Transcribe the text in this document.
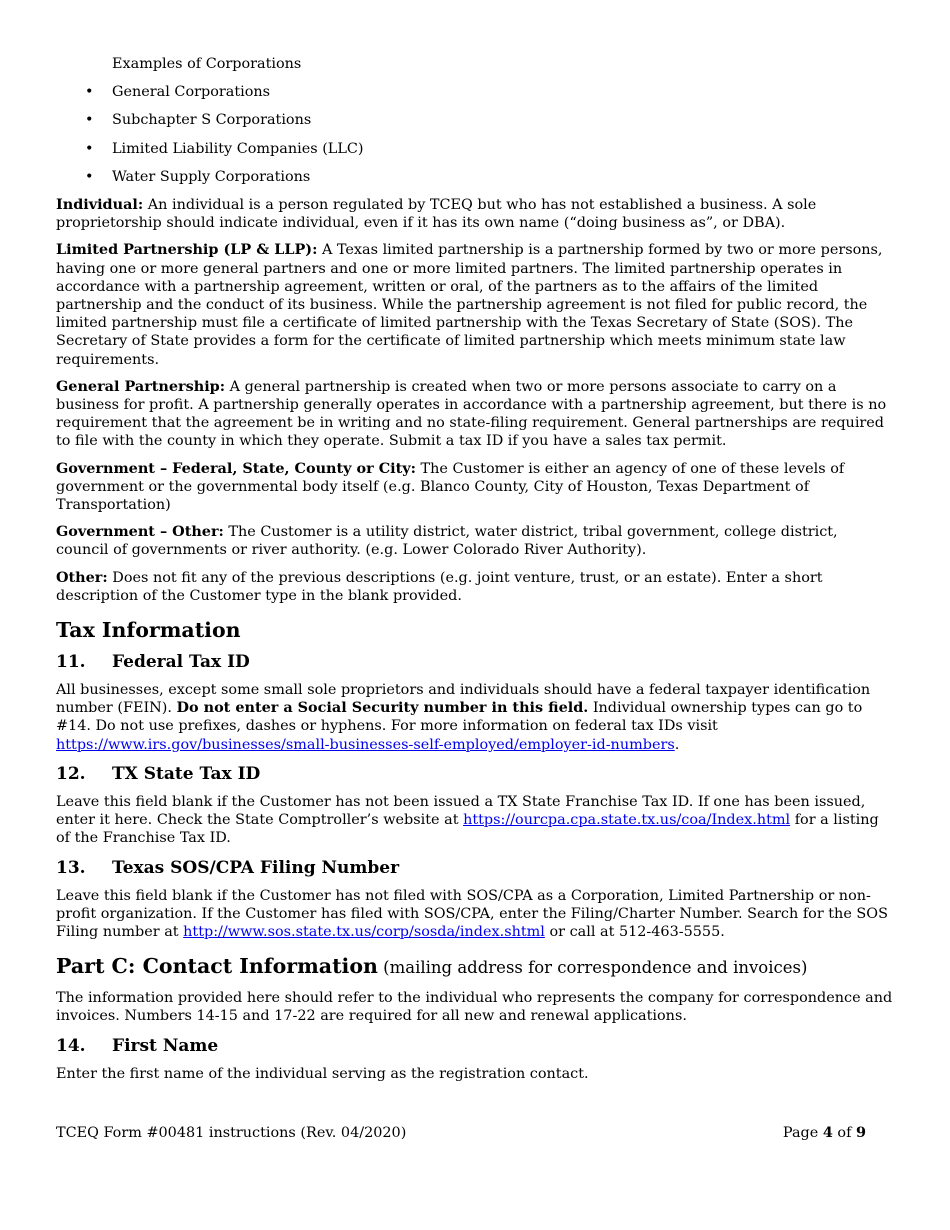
Examples of Corporations
• General Corporations
• Subchapter S Corporations
• Limited Liability Companies (LLC)
• Water Supply Corporations

Individual: An individual is a person regulated by TCEQ but who has not established a business. A sole proprietorship should indicate individual, even if it has its own name (“doing business as”, or DBA).

Limited Partnership (LP & LLP): A Texas limited partnership is a partnership formed by two or more persons, having one or more general partners and one or more limited partners. The limited partnership operates in accordance with a partnership agreement, written or oral, of the partners as to the affairs of the limited partnership and the conduct of its business. While the partnership agreement is not filed for public record, the limited partnership must file a certificate of limited partnership with the Texas Secretary of State (SOS). The Secretary of State provides a form for the certificate of limited partnership which meets minimum state law requirements.

General Partnership: A general partnership is created when two or more persons associate to carry on a business for profit. A partnership generally operates in accordance with a partnership agreement, but there is no requirement that the agreement be in writing and no state-filing requirement. General partnerships are required to file with the county in which they operate. Submit a tax ID if you have a sales tax permit.

Government – Federal, State, County or City: The Customer is either an agency of one of these levels of government or the governmental body itself (e.g. Blanco County, City of Houston, Texas Department of Transportation)

Government – Other: The Customer is a utility district, water district, tribal government, college district, council of governments or river authority. (e.g. Lower Colorado River Authority).

Other: Does not fit any of the previous descriptions (e.g. joint venture, trust, or an estate). Enter a short description of the Customer type in the blank provided.

Tax Information
11. Federal Tax ID

All businesses, except some small sole proprietors and individuals should have a federal taxpayer identification number (FEIN). Do not enter a Social Security number in this field. Individual ownership types can go to #14. Do not use prefixes, dashes or hyphens. For more information on federal tax IDs visit https://www.irs.gov/businesses/small-businesses-self-employed/employer-id-numbers.

12. TX State Tax ID

Leave this field blank if the Customer has not been issued a TX State Franchise Tax ID. If one has been issued, enter it here. Check the State Comptroller’s website at https://ourcpa.cpa.state.tx.us/coa/Index.html for a listing of the Franchise Tax ID.

13. Texas SOS/CPA Filing Number

Leave this field blank if the Customer has not filed with SOS/CPA as a Corporation, Limited Partnership or non-profit organization. If the Customer has filed with SOS/CPA, enter the Filing/Charter Number. Search for the SOS Filing number at http://www.sos.state.tx.us/corp/sosda/index.shtml or call at 512-463-5555.

Part C: Contact Information (mailing address for correspondence and invoices)

The information provided here should refer to the individual who represents the company for correspondence and invoices. Numbers 14-15 and 17-22 are required for all new and renewal applications.

14. First Name

Enter the first name of the individual serving as the registration contact.

TCEQ Form #00481 instructions (Rev. 04/2020)	Page 4 of 9
